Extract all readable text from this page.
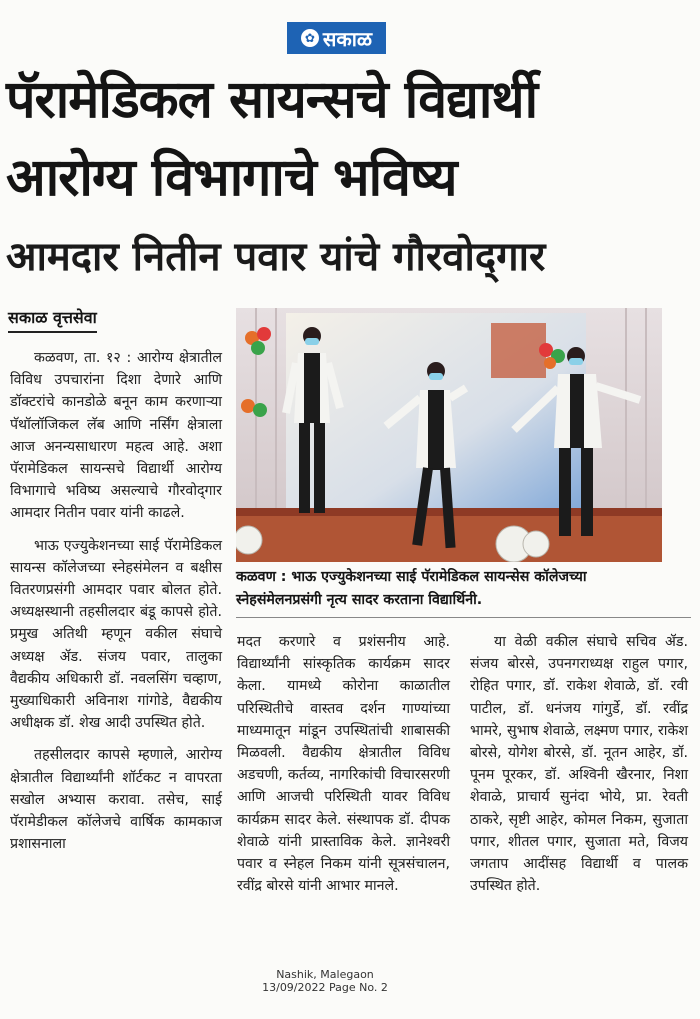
✿ सकाळ
पॅरामेडिकल सायन्सचे विद्यार्थी
आरोग्य विभागाचे भविष्य
आमदार नितीन पवार यांचे गौरवोद्‌गार
सकाळ वृत्तसेवा

कळवण, ता. १२ : आरोग्य क्षेत्रातील विविध उपचारांना दिशा देणारे आणि डॉक्टरांचे कानडोळे बनून काम करणाऱ्या पॅथॉलॉजिकल लॅब आणि नर्सिंग क्षेत्राला आज अनन्यसाधारण महत्व आहे. अशा पॅरामेडिकल सायन्सचे विद्यार्थी आरोग्य विभागाचे भविष्य असल्याचे गौरवोद्‌गार आमदार नितीन पवार यांनी काढले.

भाऊ एज्युकेशनच्या साई पॅरामेडिकल सायन्स कॉलेजच्या स्नेहसंमेलन व बक्षीस वितरणप्रसंगी आमदार पवार बोलत होते. अध्यक्षस्थानी तहसीलदार बंडू कापसे होते. प्रमुख अतिथी म्हणून वकील संघाचे अध्यक्ष ॲड. संजय पवार, तालुका वैद्यकीय अधिकारी डॉ. नवलसिंग चव्हाण, मुख्याधिकारी अविनाश गांगोडे, वैद्यकीय अधीक्षक डॉ. शेख आदी उपस्थित होते.

तहसीलदार कापसे म्हणाले, आरोग्य क्षेत्रातील विद्यार्थ्यांनी शॉर्टकट न वापरता सखोल अभ्यास करावा. तसेच, साई पॅरामेडीकल कॉलेजचे वार्षिक कामकाज प्रशासनाला

कळवण : भाऊ एज्युकेशनच्या साई पॅरामेडिकल सायन्सेस कॉलेजच्या स्नेहसंमेलनप्रसंगी नृत्य सादर करताना विद्यार्थिनी.

मदत करणारे व प्रशंसनीय आहे. विद्यार्थ्यांनी सांस्कृतिक कार्यक्रम सादर केला. यामध्ये कोरोना काळातील परिस्थितीचे वास्तव दर्शन गाण्यांच्या माध्यमातून मांडून उपस्थितांची शाबासकी मिळवली. वैद्यकीय क्षेत्रातील विविध अडचणी, कर्तव्य, नागरिकांची विचारसरणी आणि आजची परिस्थिती यावर विविध कार्यक्रम सादर केले. संस्थापक डॉ. दीपक शेवाळे यांनी प्रास्ताविक केले. ज्ञानेश्वरी पवार व स्नेहल निकम यांनी सूत्रसंचालन, रवींद्र बोरसे यांनी आभार मानले.

या वेळी वकील संघाचे सचिव ॲड. संजय बोरसे, उपनगराध्यक्ष राहुल पगार, रोहित पगार, डॉ. राकेश शेवाळे, डॉ. रवी पाटील, डॉ. धनंजय गांगुर्डे, डॉ. रवींद्र भामरे, सुभाष शेवाळे, लक्ष्मण पगार, राकेश बोरसे, योगेश बोरसे, डॉ. नूतन आहेर, डॉ. पूनम पूरकर, डॉ. अश्विनी खैरनार, निशा शेवाळे, प्राचार्य सुनंदा भोये, प्रा. रेवती ठाकरे, सृष्टी आहेर, कोमल निकम, सुजाता पगार, शीतल पगार, सुजाता मते, विजय जगताप आदींसह विद्यार्थी व पालक उपस्थित होते.

Nashik, Malegaon
13/09/2022 Page No. 2
